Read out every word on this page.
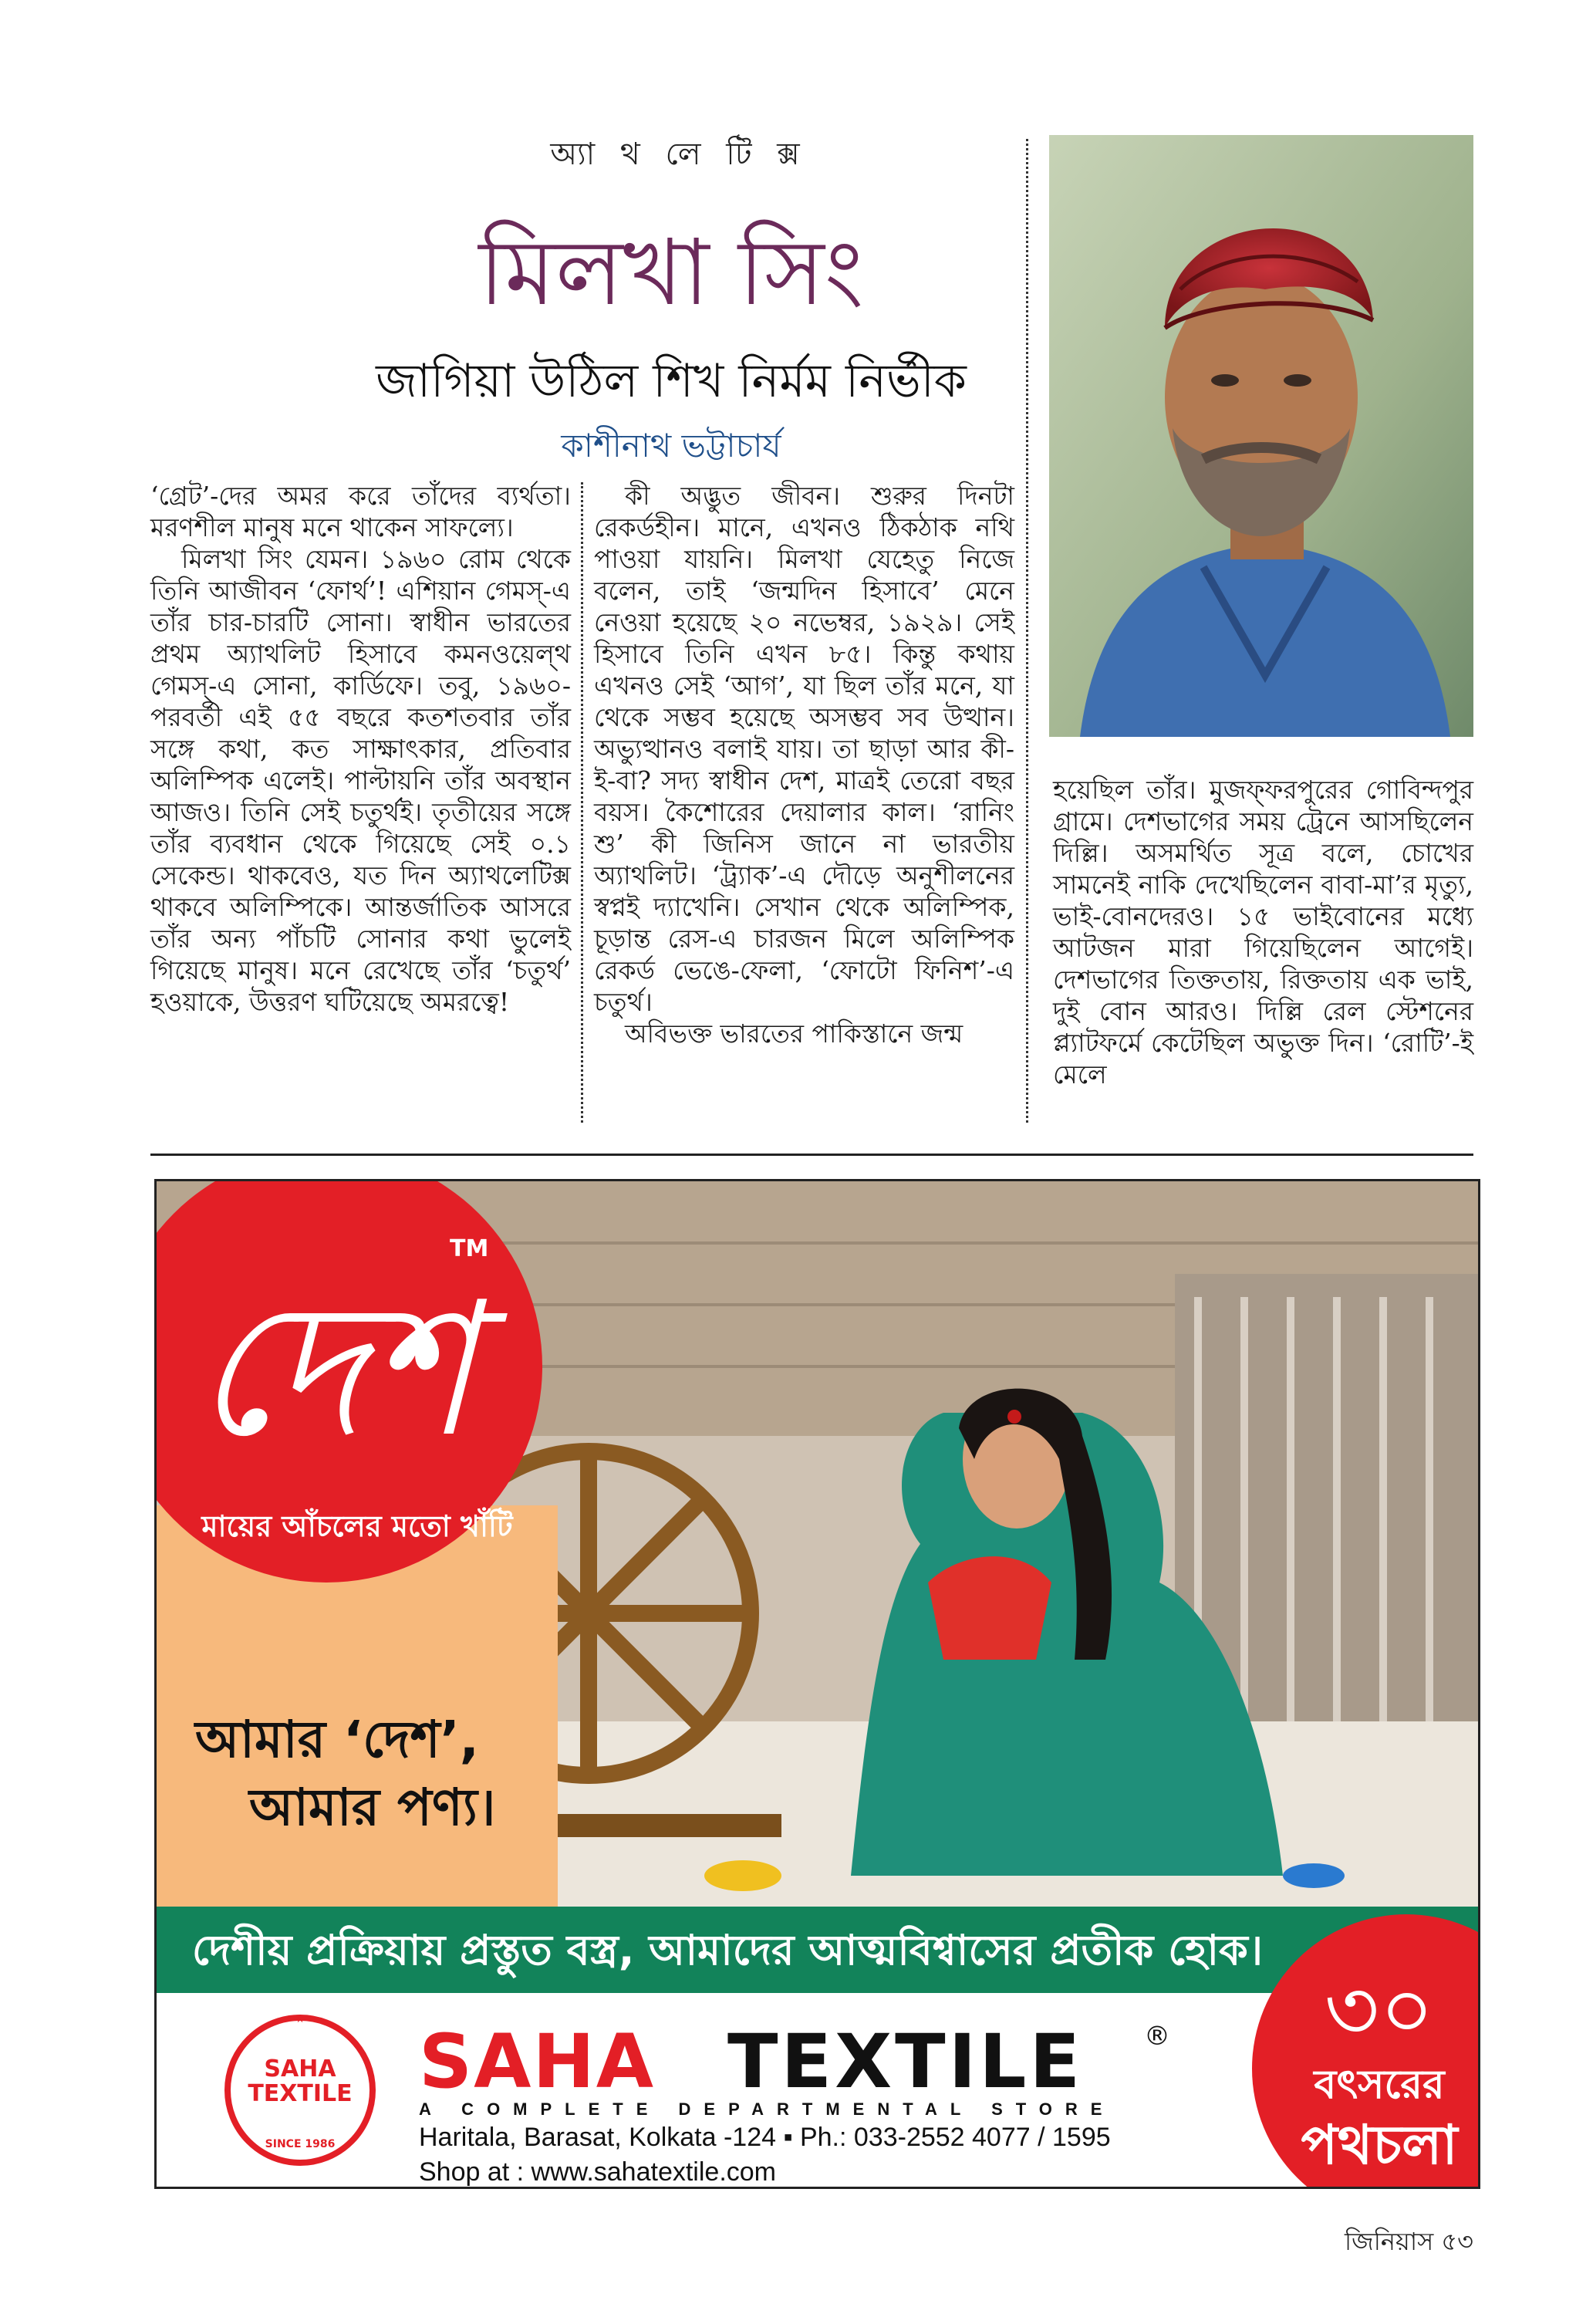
অ্যা থ লে টি ক্স
মিলখা সিং
জাগিয়া উঠিল শিখ নির্মম নির্ভীক
কাশীনাথ ভট্টাচার্য

‘গ্রেট’-দের অমর করে তাঁদের ব্যর্থতা। মরণশীল মানুষ মনে থাকেন সাফল্যে।

মিলখা সিং যেমন। ১৯৬০ রোম থেকে তিনি আজীবন ‘ফোর্থ’! এশিয়ান গেমস্-এ তাঁর চার-চারটি সোনা। স্বাধীন ভারতের প্রথম অ্যাথলিট হিসাবে কমনওয়েল্থ গেমস্-এ সোনা, কার্ডিফে। তবু, ১৯৬০-পরবর্তী এই ৫৫ বছরে কতশতবার তাঁর সঙ্গে কথা, কত সাক্ষাৎকার, প্রতিবার অলিম্পিক এলেই। পাল্টায়নি তাঁর অবস্থান আজও। তিনি সেই চতুর্থই। তৃতীয়ের সঙ্গে তাঁর ব্যবধান থেকে গিয়েছে সেই ০.১ সেকেন্ড। থাকবেও, যত দিন অ্যাথলেটিক্স থাকবে অলিম্পিকে। আন্তর্জাতিক আসরে তাঁর অন্য পাঁচটি সোনার কথা ভুলেই গিয়েছে মানুষ। মনে রেখেছে তাঁর ‘চতুর্থ’ হওয়াকে, উত্তরণ ঘটিয়েছে অমরত্বে!

কী অদ্ভুত জীবন। শুরুর দিনটা রেকর্ডহীন। মানে, এখনও ঠিকঠাক নথি পাওয়া যায়নি। মিলখা যেহেতু নিজে বলেন, তাই ‘জন্মদিন হিসাবে’ মেনে নেওয়া হয়েছে ২০ নভেম্বর, ১৯২৯। সেই হিসাবে তিনি এখন ৮৫। কিন্তু কথায় এখনও সেই ‘আগ’, যা ছিল তাঁর মনে, যা থেকে সম্ভব হয়েছে অসম্ভব সব উত্থান। অভ্যুত্থানও বলাই যায়। তা ছাড়া আর কী-ই-বা? সদ্য স্বাধীন দেশ, মাত্রই তেরো বছর বয়স। কৈশোরের দেয়ালার কাল। ‘রানিং শু’ কী জিনিস জানে না ভারতীয় অ্যাথলিট। ‘ট্র্যাক’-এ দৌড়ে অনুশীলনের স্বপ্নই দ্যাখেনি। সেখান থেকে অলিম্পিক, চূড়ান্ত রেস-এ চারজন মিলে অলিম্পিক রেকর্ড ভেঙে-ফেলা, ‘ফোটো ফিনিশ’-এ চতুর্থ।

অবিভক্ত ভারতের পাকিস্তানে জন্ম

হয়েছিল তাঁর। মুজফ্ফরপুরের গোবিন্দপুর গ্রামে। দেশভাগের সময় ট্রেনে আসছিলেন দিল্লি। অসমর্থিত সূত্র বলে, চোখের সামনেই নাকি দেখেছিলেন বাবা-মা’র মৃত্যু, ভাই-বোনদেরও। ১৫ ভাইবোনের মধ্যে আটজন মারা গিয়েছিলেন আগেই। দেশভাগের তিক্ততায়, রিক্ততায় এক ভাই, দুই বোন আরও। দিল্লি রেল স্টেশনের প্ল্যাটফর্মে কেটেছিল অভুক্ত দিন। ‘রোটি’-ই মেলে

দেশ
TM
মায়ের আঁচলের মতো খাঁটি
আমার ‘দেশ’,
আমার পণ্য।
দেশীয় প্রক্রিয়ায় প্রস্তুত বস্ত্র, আমাদের আত্মবিশ্বাসের প্রতীক হোক।
৩০
বৎসরের
পথচলা
★
SAHA
TEXTILE
SINCE 1986
SAHA TEXTILE ®
A COMPLETE DEPARTMENTAL STORE
Haritala, Barasat, Kolkata -124 ▪ Ph.: 033-2552 4077 / 1595
Shop at : www.sahatextile.com
জিনিয়াস ৫৩
